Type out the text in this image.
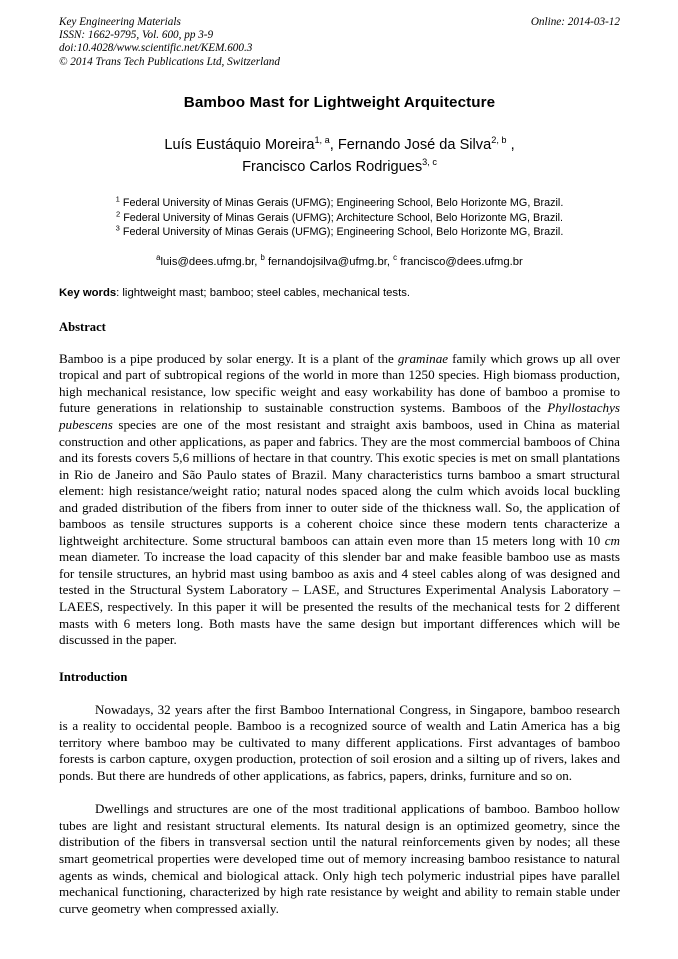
Key Engineering Materials
ISSN: 1662-9795, Vol. 600, pp 3-9
doi:10.4028/www.scientific.net/KEM.600.3
© 2014 Trans Tech Publications Ltd, Switzerland
Online: 2014-03-12
Bamboo Mast for Lightweight Arquitecture
Luís Eustáquio Moreira$^{1, a}$, Fernando José da Silva$^{2, b}$ ,
Francisco Carlos Rodrigues$^{3, c}$
$^1$ Federal University of Minas Gerais (UFMG); Engineering School, Belo Horizonte MG, Brazil.
$^2$ Federal University of Minas Gerais (UFMG); Architecture School, Belo Horizonte MG, Brazil.
$^3$ Federal University of Minas Gerais (UFMG); Engineering School, Belo Horizonte MG, Brazil.
$^a$luis@dees.ufmg.br, $^b$ fernandojsilva@ufmg.br, $^c$ francisco@dees.ufmg.br
Key words: lightweight mast; bamboo; steel cables, mechanical tests.
Abstract
Bamboo is a pipe produced by solar energy. It is a plant of the graminae family which grows up all over tropical and part of subtropical regions of the world in more than 1250 species. High biomass production, high mechanical resistance, low specific weight and easy workability has done of bamboo a promise to future generations in relationship to sustainable construction systems. Bamboos of the Phyllostachys pubescens species are one of the most resistant and straight axis bamboos, used in China as material construction and other applications, as paper and fabrics. They are the most commercial bamboos of China and its forests covers 5,6 millions of hectare in that country. This exotic species is met on small plantations in Rio de Janeiro and São Paulo states of Brazil. Many characteristics turns bamboo a smart structural element: high resistance/weight ratio; natural nodes spaced along the culm which avoids local buckling and graded distribution of the fibers from inner to outer side of the thickness wall. So, the application of bamboos as tensile structures supports is a coherent choice since these modern tents characterize a lightweight architecture. Some structural bamboos can attain even more than 15 meters long with 10 cm mean diameter. To increase the load capacity of this slender bar and make feasible bamboo use as masts for tensile structures, an hybrid mast using bamboo as axis and 4 steel cables along of was designed and tested in the Structural System Laboratory – LASE, and Structures Experimental Analysis Laboratory – LAEES, respectively. In this paper it will be presented the results of the mechanical tests for 2 different masts with 6 meters long. Both masts have the same design but important differences which will be discussed in the paper.
Introduction
Nowadays, 32 years after the first Bamboo International Congress, in Singapore, bamboo research is a reality to occidental people. Bamboo is a recognized source of wealth and Latin America has a big territory where bamboo may be cultivated to many different applications. First advantages of bamboo forests is carbon capture, oxygen production, protection of soil erosion and a silting up of rivers, lakes and ponds. But there are hundreds of other applications, as fabrics, papers, drinks, furniture and so on.
Dwellings and structures are one of the most traditional applications of bamboo. Bamboo hollow tubes are light and resistant structural elements. Its natural design is an optimized geometry, since the distribution of the fibers in transversal section until the natural reinforcements given by nodes; all these smart geometrical properties were developed time out of memory increasing bamboo resistance to natural agents as winds, chemical and biological attack. Only high tech polymeric industrial pipes have parallel mechanical functioning, characterized by high rate resistance by weight and ability to remain stable under curve geometry when compressed axially.
